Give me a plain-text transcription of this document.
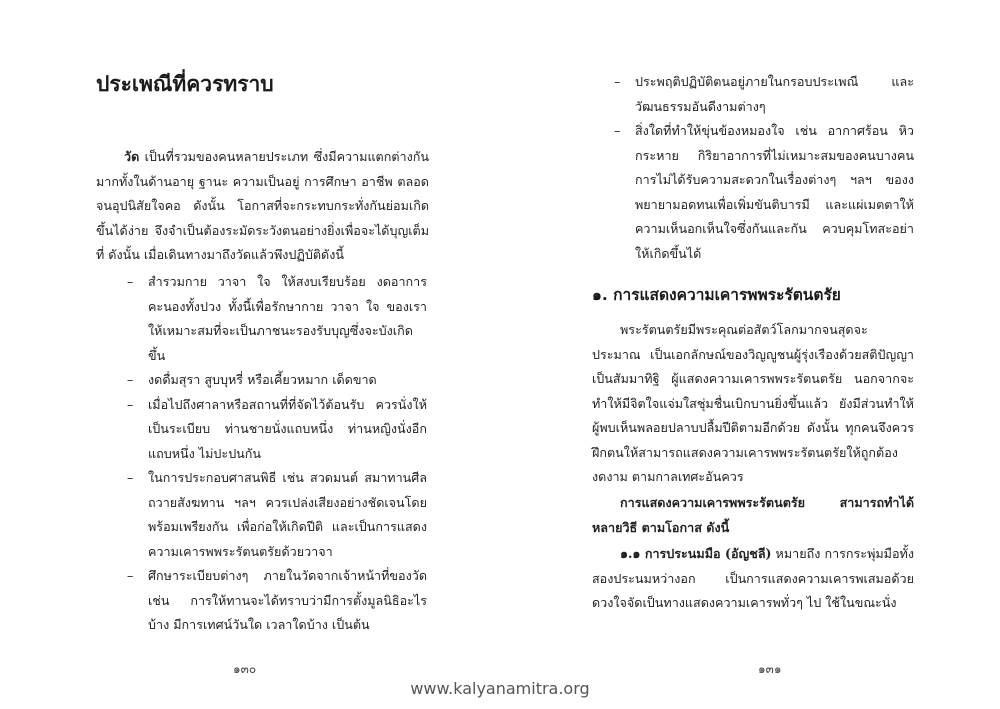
ประเพณีที่ควรทราบ

วัด เป็นที่รวมของคนหลายประเภท ซึ่งมีความแตกต่างกันมากทั้งในด้านอายุ ฐานะ ความเป็นอยู่ การศึกษา อาชีพ ตลอดจนอุปนิสัยใจคอ ดังนั้น โอกาสที่จะกระทบกระทั่งกันย่อมเกิดขึ้นได้ง่าย จึงจำเป็นต้องระมัดระวังตนอย่างยิ่งเพื่อจะได้บุญเต็มที่ ดังนั้น เมื่อเดินทางมาถึงวัดแล้วพึงปฏิบัติดังนี้

– สำรวมกาย วาจา ใจ ให้สงบเรียบร้อย งดอาการคะนองทั้งปวง ทั้งนี้เพื่อรักษากาย วาจา ใจ ของเราให้เหมาะสมที่จะเป็นภาชนะรองรับบุญซึ่งจะบังเกิดขึ้น
– งดดื่มสุรา สูบบุหรี่ หรือเคี้ยวหมาก เด็ดขาด
– เมื่อไปถึงศาลาหรือสถานที่ที่จัดไว้ต้อนรับ ควรนั่งให้เป็นระเบียบ ท่านชายนั่งแถบหนึ่ง ท่านหญิงนั่งอีกแถบหนึ่ง ไม่ปะปนกัน
– ในการประกอบศาสนพิธี เช่น สวดมนต์ สมาทานศีล ถวายสังฆทาน ฯลฯ ควรเปล่งเสียงอย่างชัดเจนโดยพร้อมเพรียงกัน เพื่อก่อให้เกิดปีติ และเป็นการแสดงความเคารพพระรัตนตรัยด้วยวาจา
– ศึกษาระเบียบต่างๆ ภายในวัดจากเจ้าหน้าที่ของวัด เช่น การให้ทานจะได้ทราบว่ามีการตั้งมูลนิธิอะไรบ้าง มีการเทศน์วันใด เวลาใดบ้าง เป็นต้น
๑๓๐
– ประพฤติปฏิบัติตนอยู่ภายในกรอบประเพณี และวัฒนธรรมอันดีงามต่างๆ
– สิ่งใดที่ทำให้ขุ่นข้องหมองใจ เช่น อากาศร้อน หิวกระหาย กิริยาอาการที่ไม่เหมาะสมของคนบางคน การไม่ได้รับความสะดวกในเรื่องต่างๆ ฯลฯ ของงพยายามอดทนเพื่อเพิ่มขันติบารมี และแผ่เมตตาให้ความเห็นอกเห็นใจซึ่งกันและกัน ควบคุมโทสะอย่าให้เกิดขึ้นได้
๑. การแสดงความเคารพพระรัตนตรัย

พระรัตนตรัยมีพระคุณต่อสัตว์โลกมากจนสุดจะประมาณ เป็นเอกลักษณ์ของวิญญูชนผู้รุ่งเรืองด้วยสติปัญญา เป็นสัมมาทิฐิ ผู้แสดงความเคารพพระรัตนตรัย นอกจากจะทำให้มีจิตใจแจ่มใสชุ่มชื่นเบิกบานยิ่งขึ้นแล้ว ยังมีส่วนทำให้ผู้พบเห็นพลอยปลาบปลื้มปีติตามอีกด้วย ดังนั้น ทุกคนจึงควรฝึกตนให้สามารถแสดงความเคารพพระรัตนตรัยให้ถูกต้องงดงาม ตามกาลเทศะอันควร

การแสดงความเคารพพระรัตนตรัย สามารถทำได้หลายวิธี ตามโอกาส ดังนี้

๑.๑ การประนมมือ (อัญชลี) หมายถึง การกระพุ่มมือทั้งสองประนมหว่างอก เป็นการแสดงความเคารพเสมอด้วยดวงใจจัดเป็นทางแสดงความเคารพทั่วๆ ไป ใช้ในขณะนั่ง

๑๓๑
www.kalyanamitra.org
